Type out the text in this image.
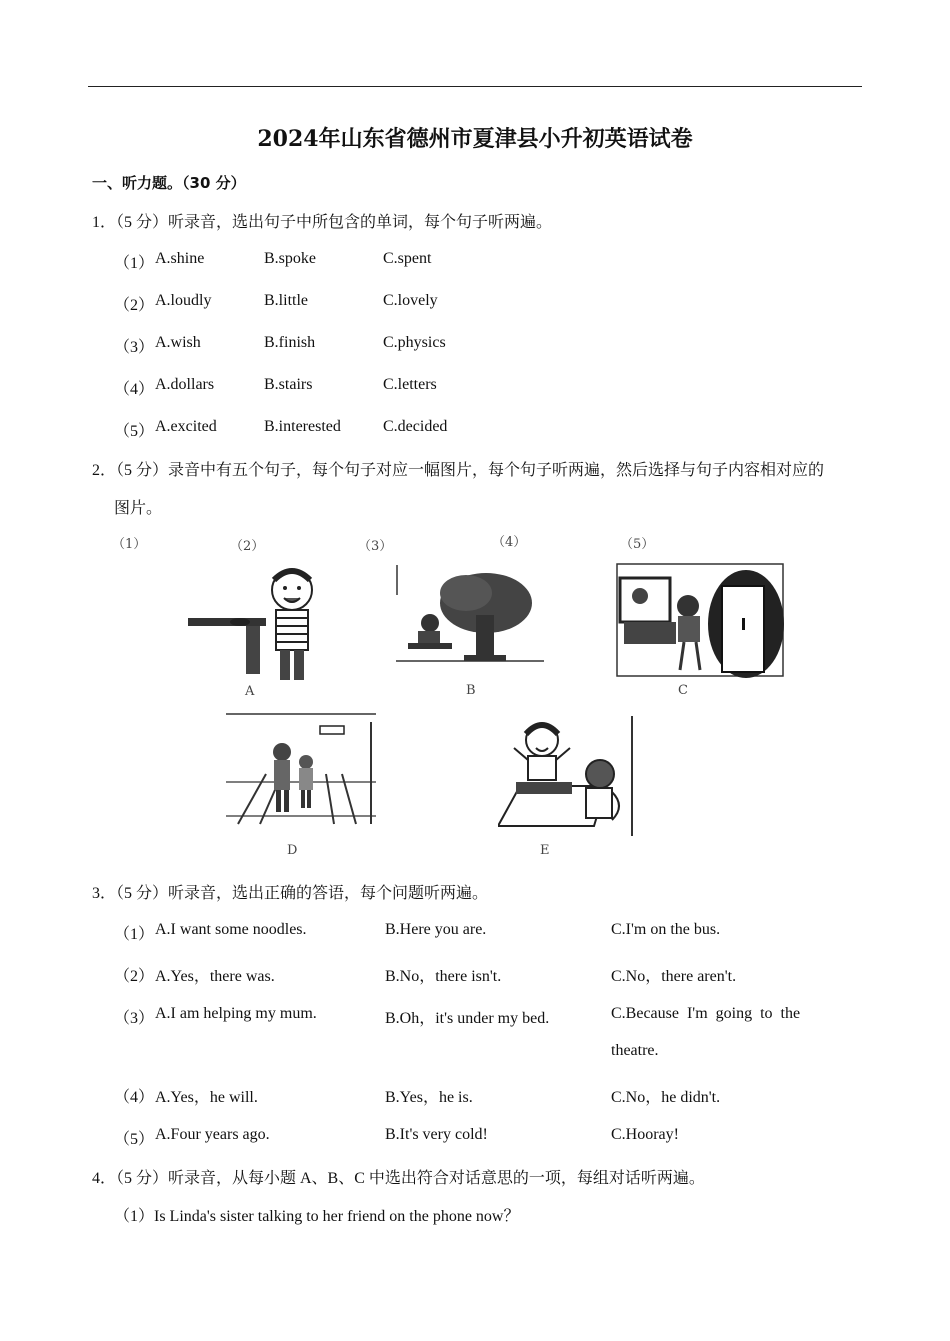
2024年山东省德州市夏津县小升初英语试卷
一、听力题。（30 分）
1．（5 分）听录音，选出句子中所包含的单词，每个句子听两遍。
（1） A.shine	B.spoke	C.spent
（2） A.loudly	B.little	C.lovely
（3） A.wish	B.finish	C.physics
（4） A.dollars	B.stairs	C.letters
（5） A.excited	B.interested	C.decided
2．（5 分）录音中有五个句子，每个句子对应一幅图片，每个句子听两遍，然后选择与句子内容相对应的
图片。
（1）	（2）	（3）	（4）	（5）
A	B	C
D	E
3．（5 分）听录音，选出正确的答语，每个问题听两遍。
（1） A.I want some noodles.	B.Here you are.	C.I'm on the bus.
（2） A.Yes，there was.	B.No，there isn't.	C.No，there aren't.
（3） A.I am helping my mum.	B.Oh，it's under my bed.	C.Because  I'm  going  to  the
theatre.
（4） A.Yes，he will.	B.Yes，he is.	C.No，he didn't.
（5） A.Four years ago.	B.It's very cold!	C.Hooray!
4．（5 分）听录音，从每小题 A、B、C 中选出符合对话意思的一项，每组对话听两遍。
（1）Is Linda's sister talking to her friend on the phone now？
